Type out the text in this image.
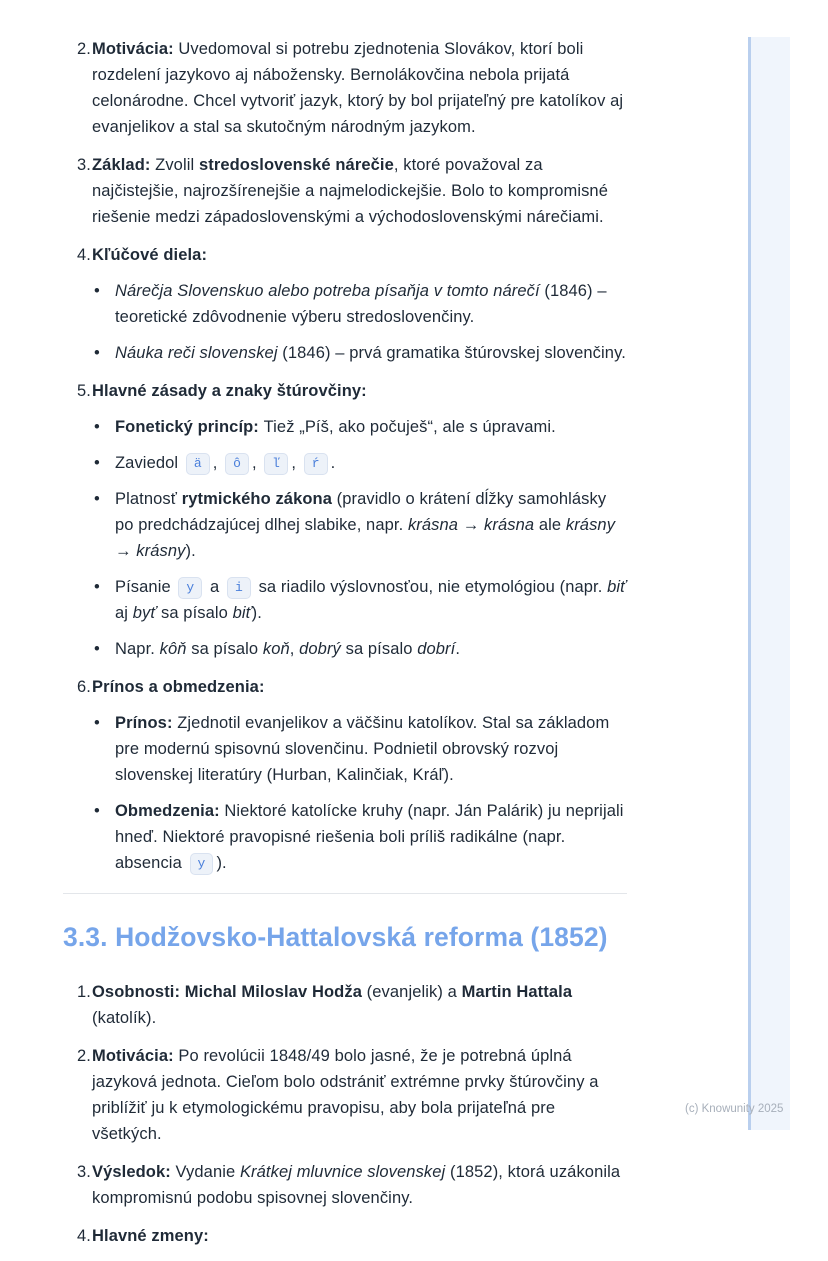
2. Motivácia: Uvedomoval si potrebu zjednotenia Slovákov, ktorí boli rozdelení jazykovo aj nábožensky. Bernolákovčina nebola prijatá celonárodne. Chcel vytvoriť jazyk, ktorý by bol prijateľný pre katolíkov aj evanjelikov a stal sa skutočným národným jazykom.

3. Základ: Zvolil stredoslovenské nárečie, ktoré považoval za najčistejšie, najrozšírenejšie a najmelodickejšie. Bolo to kompromisné riešenie medzi západoslovenskými a východoslovenskými nárečiami.

4. Kľúčové diela:

• Nárečja Slovenskuo alebo potreba písaňja v tomto nárečí (1846) – teoretické zdôvodnenie výberu stredoslovenčiny.

• Náuka reči slovenskej (1846) – prvá gramatika štúrovskej slovenčiny.

5. Hlavné zásady a znaky štúrovčiny:

• Fonetický princíp: Tiež „Píš, ako počuješ“, ale s úpravami.

• Zaviedol ä , ô , ľ , ŕ .

• Platnosť rytmického zákona (pravidlo o krátení dĺžky samohlásky po predchádzajúcej dlhej slabike, napr. krásna → krásna ale krásny → krásny).

• Písanie y a i sa riadilo výslovnosťou, nie etymológiou (napr. biť aj byť sa písalo biť).

• Napr. kôň sa písalo koň, dobrý sa písalo dobrí.

6. Prínos a obmedzenia:

• Prínos: Zjednotil evanjelikov a väčšinu katolíkov. Stal sa základom pre modernú spisovnú slovenčinu. Podnietil obrovský rozvoj slovenskej literatúry (Hurban, Kalinčiak, Kráľ).

• Obmedzenia: Niektoré katolícke kruhy (napr. Ján Palárik) ju neprijali hneď. Niektoré pravopisné riešenia boli príliš radikálne (napr. absencia y ).

3.3. Hodžovsko-Hattalovská reforma (1852)
1. Osobnosti: Michal Miloslav Hodža (evanjelik) a Martin Hattala (katolík).

2. Motivácia: Po revolúcii 1848/49 bolo jasné, že je potrebná úplná jazyková jednota. Cieľom bolo odstrániť extrémne prvky štúrovčiny a priblížiť ju k etymologickému pravopisu, aby bola prijateľná pre všetkých.

3. Výsledok: Vydanie Krátkej mluvnice slovenskej (1852), ktorá uzákonila kompromisnú podobu spisovnej slovenčiny.

4. Hlavné zmeny:

(c) Knowunity 2025
